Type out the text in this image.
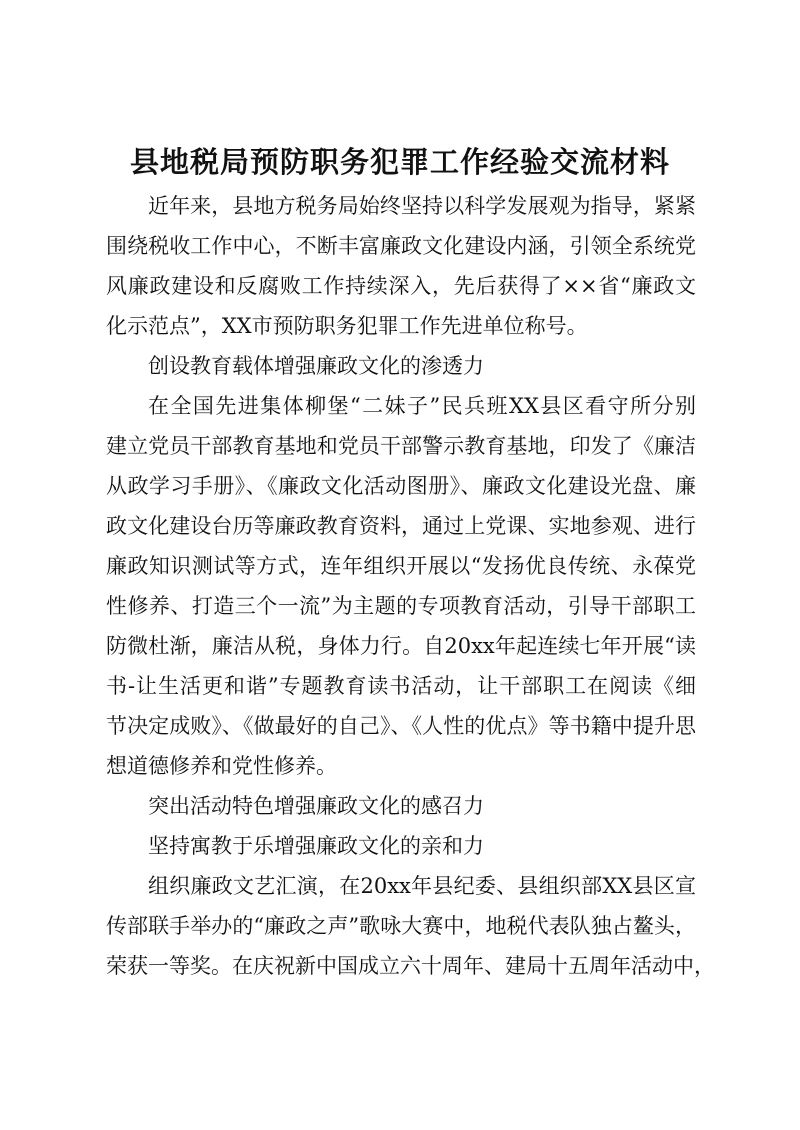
县地税局预防职务犯罪工作经验交流材料

近年来，县地方税务局始终坚持以科学发展观为指导，紧紧

围绕税收工作中心，不断丰富廉政文化建设内涵，引领全系统党

风廉政建设和反腐败工作持续深入，先后获得了××省“廉政文

化示范点”，XX市预防职务犯罪工作先进单位称号。

创设教育载体增强廉政文化的渗透力

在全国先进集体柳堡“二妹子”民兵班XX县区看守所分别

建立党员干部教育基地和党员干部警示教育基地，印发了《廉洁

从政学习手册》、《廉政文化活动图册》、廉政文化建设光盘、廉

政文化建设台历等廉政教育资料，通过上党课、实地参观、进行

廉政知识测试等方式，连年组织开展以“发扬优良传统、永葆党

性修养、打造三个一流”为主题的专项教育活动，引导干部职工

防微杜渐，廉洁从税，身体力行。自20xx年起连续七年开展“读

书-让生活更和谐”专题教育读书活动，让干部职工在阅读《细

节决定成败》、《做最好的自己》、《人性的优点》等书籍中提升思

想道德修养和党性修养。

突出活动特色增强廉政文化的感召力

坚持寓教于乐增强廉政文化的亲和力

组织廉政文艺汇演，在20xx年县纪委、县组织部XX县区宣

传部联手举办的“廉政之声”歌咏大赛中，地税代表队独占鳌头，

荣获一等奖。在庆祝新中国成立六十周年、建局十五周年活动中，
